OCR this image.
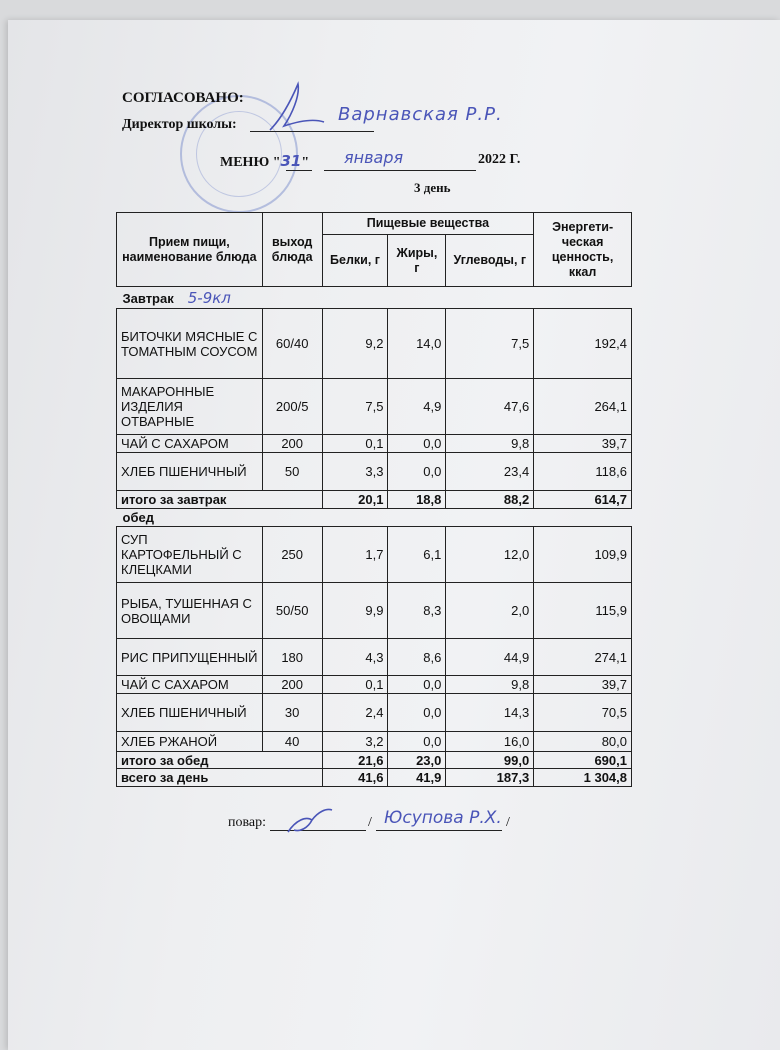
СОГЛАСОВАНО:
Директор школы:	Варнавская Р.Р.
МЕНЮ "31" января	2022 Г.
3 день
Прием пищи, наименование блюда	выход блюда	Пищевые вещества			Энергети-ческая ценность, ккал
		Белки, г	Жиры, г	Углеводы, г	
Завтрак 5-9кл					
БИТОЧКИ МЯСНЫЕ С ТОМАТНЫМ СОУСОМ	60/40	9,2	14,0	7,5	192,4
МАКАРОННЫЕ ИЗДЕЛИЯ ОТВАРНЫЕ	200/5	7,5	4,9	47,6	264,1
ЧАЙ С САХАРОМ	200	0,1	0,0	9,8	39,7
ХЛЕБ ПШЕНИЧНЫЙ	50	3,3	0,0	23,4	118,6
итого за завтрак		20,1	18,8	88,2	614,7
обед					
СУП КАРТОФЕЛЬНЫЙ С КЛЕЦКАМИ	250	1,7	6,1	12,0	109,9
РЫБА, ТУШЕННАЯ С ОВОЩАМИ	50/50	9,9	8,3	2,0	115,9
РИС ПРИПУЩЕННЫЙ	180	4,3	8,6	44,9	274,1
ЧАЙ С САХАРОМ	200	0,1	0,0	9,8	39,7
ХЛЕБ ПШЕНИЧНЫЙ	30	2,4	0,0	14,3	70,5
ХЛЕБ РЖАНОЙ	40	3,2	0,0	16,0	80,0
итого за обед		21,6	23,0	99,0	690,1
всего за день		41,6	41,9	187,3	1 304,8
повар:	/ Юсупова Р.Х. /
